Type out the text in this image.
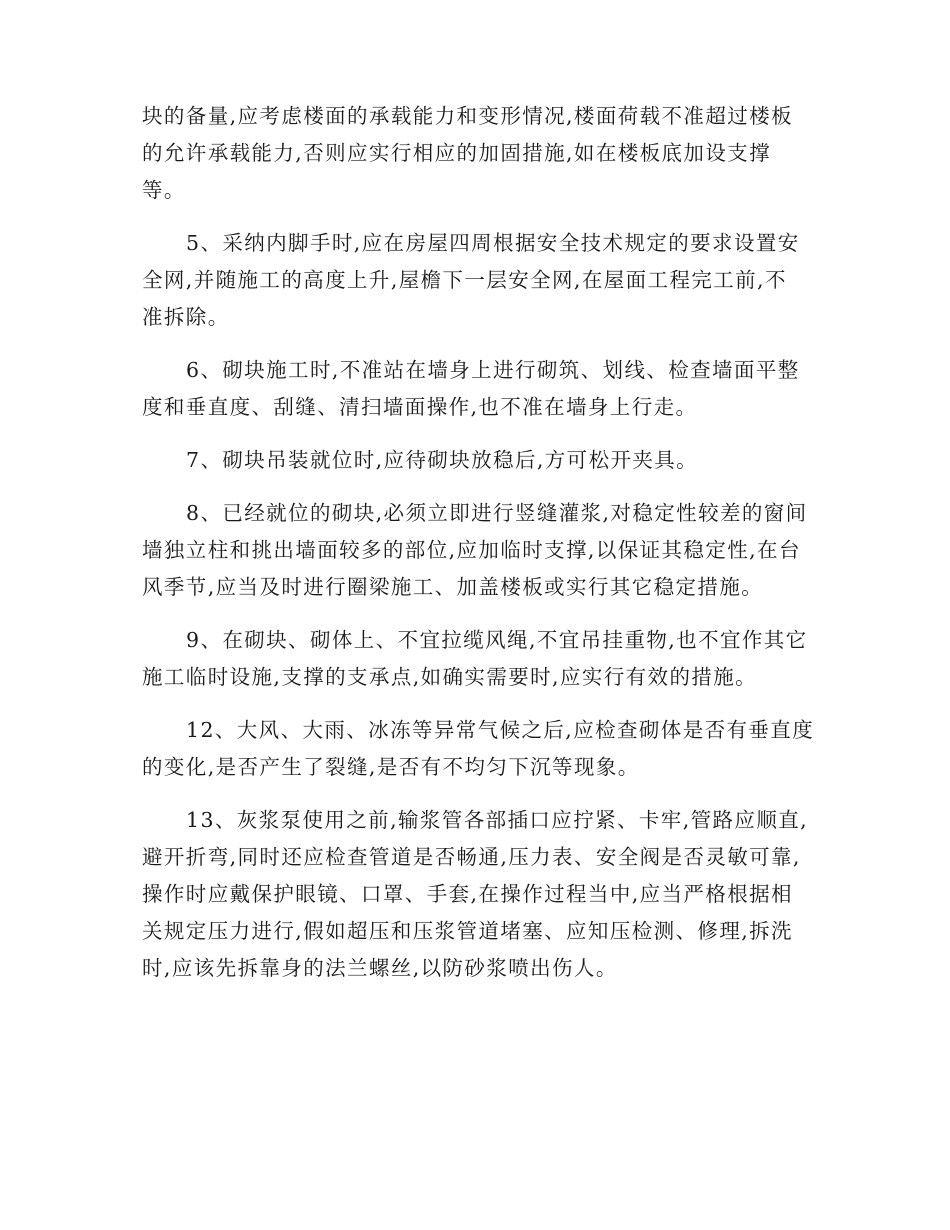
块的备量,应考虑楼面的承载能力和变形情况,楼面荷载不准超过楼板
的允许承载能力,否则应实行相应的加固措施,如在楼板底加设支撑
等。
5、采纳内脚手时,应在房屋四周根据安全技术规定的要求设置安
全网,并随施工的高度上升,屋檐下一层安全网,在屋面工程完工前,不
准拆除。
6、砌块施工时,不准站在墙身上进行砌筑、划线、检查墙面平整
度和垂直度、刮缝、清扫墙面操作,也不准在墙身上行走。
7、砌块吊装就位时,应待砌块放稳后,方可松开夹具。
8、已经就位的砌块,必须立即进行竖缝灌浆,对稳定性较差的窗间
墙独立柱和挑出墙面较多的部位,应加临时支撑,以保证其稳定性,在台
风季节,应当及时进行圈梁施工、加盖楼板或实行其它稳定措施。
9、在砌块、砌体上、不宜拉缆风绳,不宜吊挂重物,也不宜作其它
施工临时设施,支撑的支承点,如确实需要时,应实行有效的措施。
12、大风、大雨、冰冻等异常气候之后,应检查砌体是否有垂直度
的变化,是否产生了裂缝,是否有不均匀下沉等现象。
13、灰浆泵使用之前,输浆管各部插口应拧紧、卡牢,管路应顺直,
避开折弯,同时还应检查管道是否畅通,压力表、安全阀是否灵敏可靠,
操作时应戴保护眼镜、口罩、手套,在操作过程当中,应当严格根据相
关规定压力进行,假如超压和压浆管道堵塞、应知压检测、修理,拆洗
时,应该先拆靠身的法兰螺丝,以防砂浆喷出伤人。
